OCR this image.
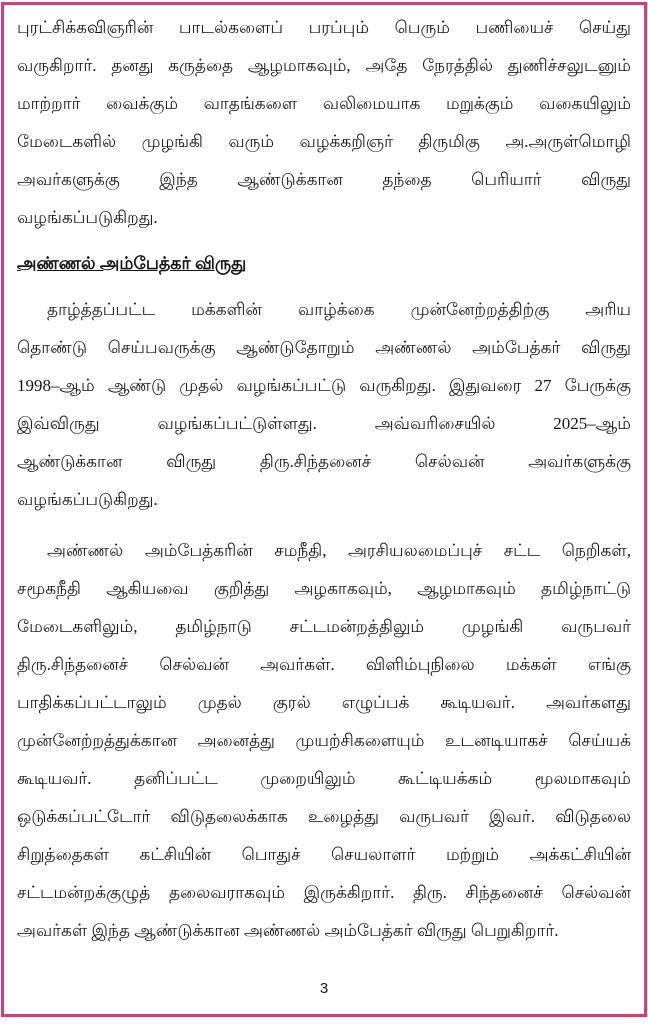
புரட்சிக்கவிஞரின் பாடல்களைப் பரப்பும் பெரும் பணியைச் செய்து
வருகிறார். தனது கருத்தை ஆழமாகவும், அதே நேரத்தில் துணிச்சலுடனும்
மாற்றார் வைக்கும் வாதங்களை வலிமையாக மறுக்கும் வகையிலும்
மேடைகளில் முழங்கி வரும் வழக்கறிஞர் திருமிகு அ.அருள்மொழி
அவர்களுக்கு இந்த ஆண்டுக்கான தந்தை பெரியார் விருது
வழங்கப்படுகிறது.
அண்ணல் அம்பேத்கர் விருது
தாழ்த்தப்பட்ட மக்களின் வாழ்க்கை முன்னேற்றத்திற்கு அரிய
தொண்டு செய்பவருக்கு ஆண்டுதோறும் அண்ணல் அம்பேத்கர் விருது
1998–ஆம் ஆண்டு முதல் வழங்கப்பட்டு வருகிறது. இதுவரை 27 பேருக்கு
இவ்விருது வழங்கப்பட்டுள்ளது. அவ்வரிசையில் 2025–ஆம்
ஆண்டுக்கான விருது திரு.சிந்தனைச் செல்வன் அவர்களுக்கு
வழங்கப்படுகிறது.
அண்ணல் அம்பேத்கரின் சமநீதி, அரசியலமைப்புச் சட்ட நெறிகள்,
சமூகநீதி ஆகியவை குறித்து அழகாகவும், ஆழமாகவும் தமிழ்நாட்டு
மேடைகளிலும், தமிழ்நாடு சட்டமன்றத்திலும் முழங்கி வருபவர்
திரு.சிந்தனைச் செல்வன் அவர்கள். விளிம்புநிலை மக்கள் எங்கு
பாதிக்கப்பட்டாலும் முதல் குரல் எழுப்பக் கூடியவர். அவர்களது
முன்னேற்றத்துக்கான அனைத்து முயற்சிகளையும் உடனடியாகச் செய்யக்
கூடியவர். தனிப்பட்ட முறையிலும் கூட்டியக்கம் மூலமாகவும்
ஒடுக்கப்பட்டோர் விடுதலைக்காக உழைத்து வருபவர் இவர். விடுதலை
சிறுத்தைகள் கட்சியின் பொதுச் செயலாளர் மற்றும் அக்கட்சியின்
சட்டமன்றக்குழுத் தலைவராகவும் இருக்கிறார். திரு. சிந்தனைச் செல்வன்
அவர்கள் இந்த ஆண்டுக்கான அண்ணல் அம்பேத்கர் விருது பெறுகிறார்.
3
